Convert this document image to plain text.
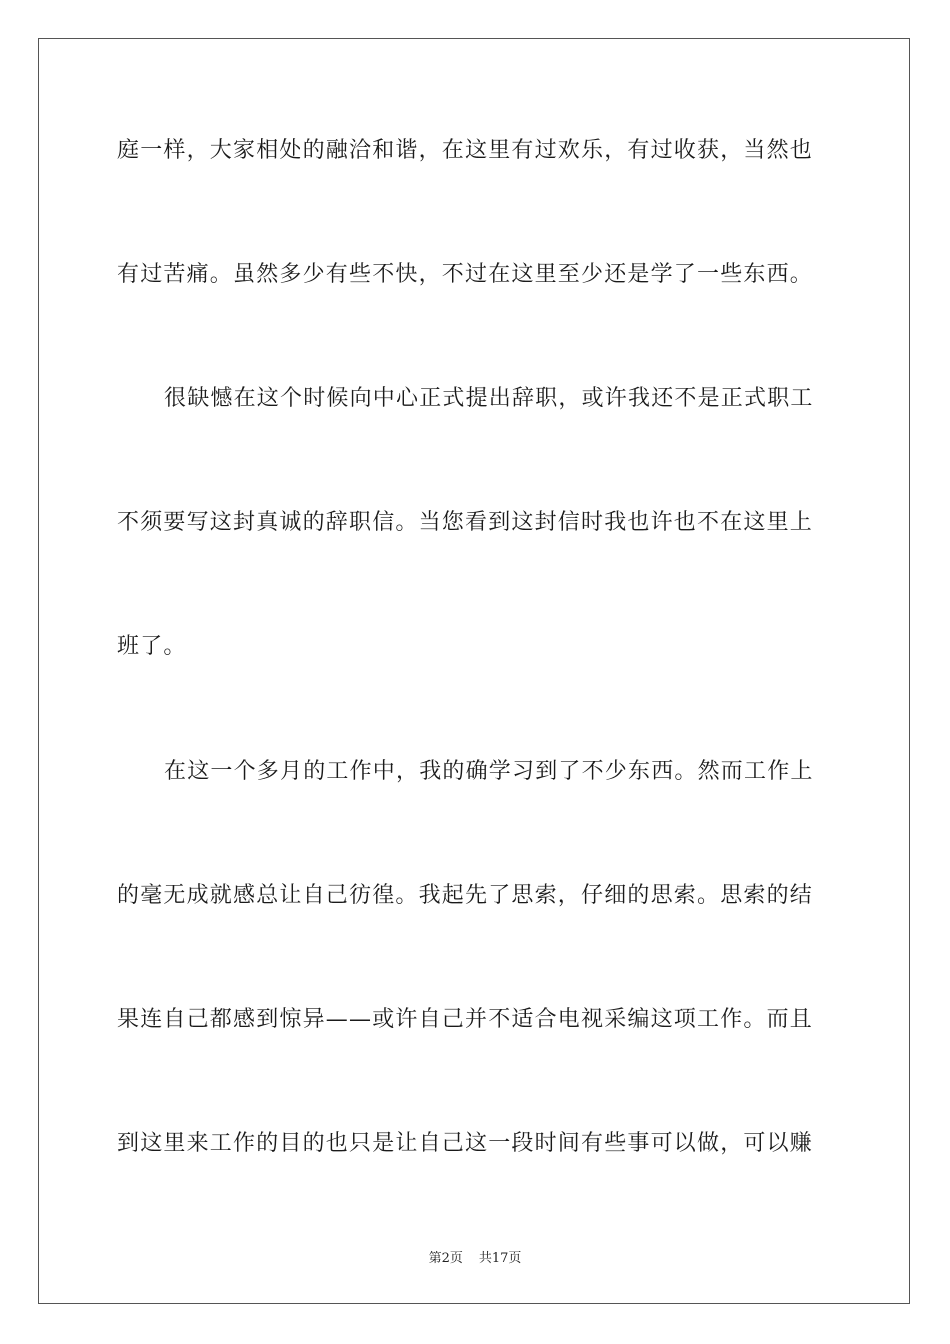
庭一样，大家相处的融洽和谐，在这里有过欢乐，有过收获，当然也
有过苦痛。虽然多少有些不快，不过在这里至少还是学了一些东西。
很缺憾在这个时候向中心正式提出辞职，或许我还不是正式职工
不须要写这封真诚的辞职信。当您看到这封信时我也许也不在这里上
班了。
在这一个多月的工作中，我的确学习到了不少东西。然而工作上
的毫无成就感总让自己彷徨。我起先了思索，仔细的思索。思索的结
果连自己都感到惊异——或许自己并不适合电视采编这项工作。而且
到这里来工作的目的也只是让自己这一段时间有些事可以做，可以赚
第2页 共17页
